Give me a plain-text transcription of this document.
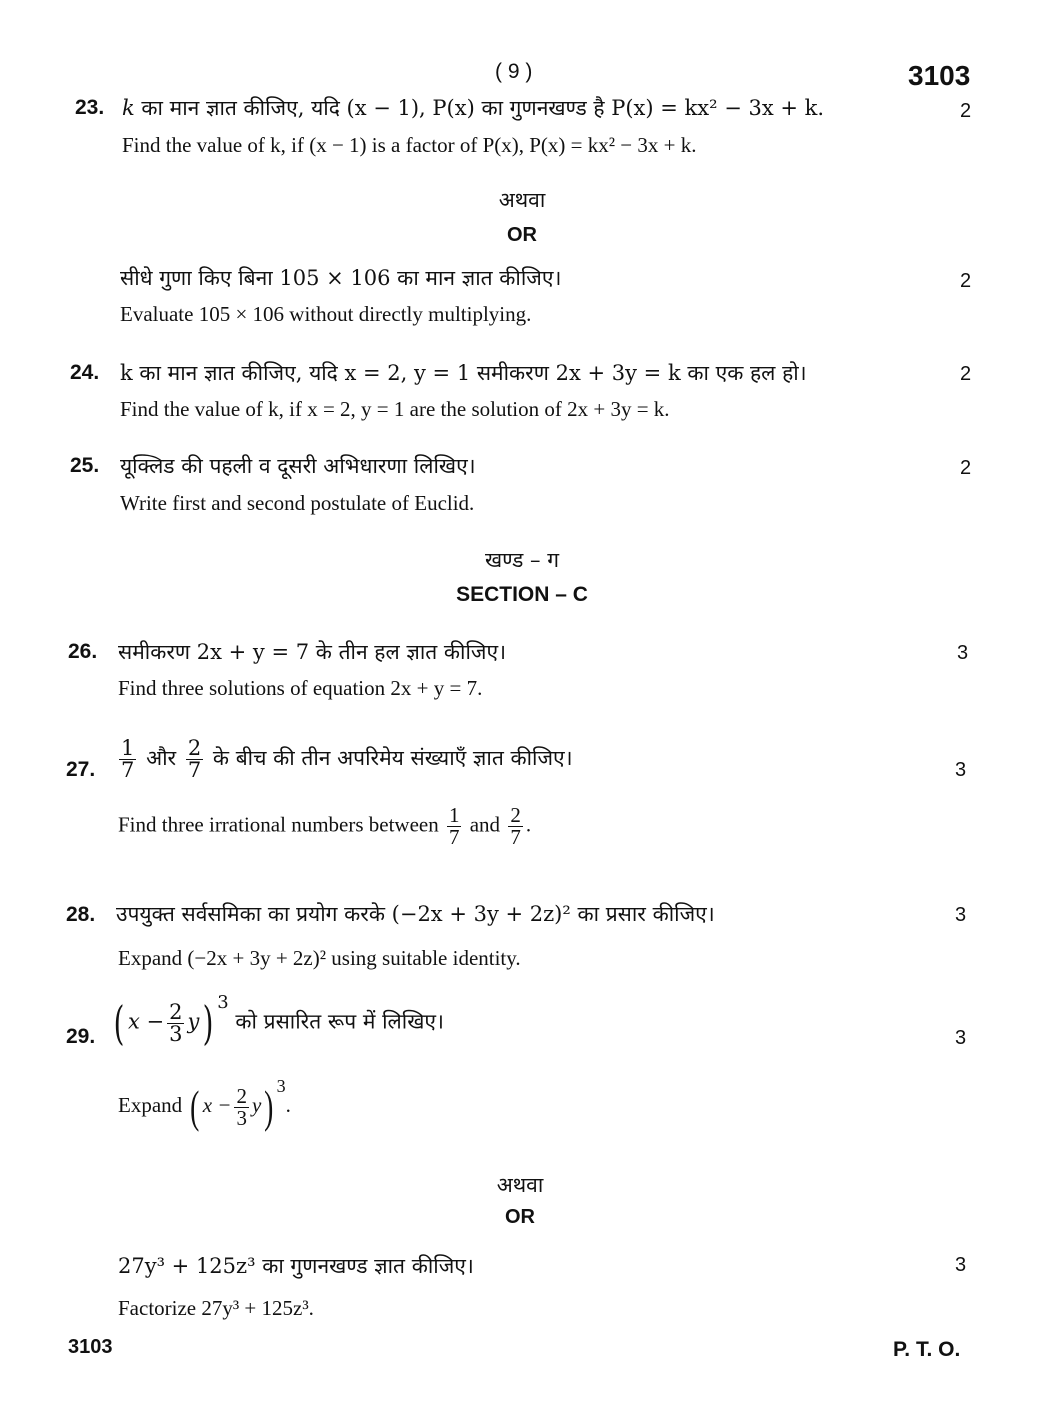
( 9 )	3103
23. k का मान ज्ञात कीजिए, यदि (x − 1), P(x) का गुणनखण्ड है P(x) = kx² − 3x + k.	2
Find the value of k, if (x − 1) is a factor of P(x), P(x) = kx² − 3x + k.
अथवा
OR
सीधे गुणा किए बिना 105 × 106 का मान ज्ञात कीजिए।	2
Evaluate 105 × 106 without directly multiplying.
24. k का मान ज्ञात कीजिए, यदि x = 2, y = 1 समीकरण 2x + 3y = k का एक हल हो।	2
Find the value of k, if x = 2, y = 1 are the solution of 2x + 3y = k.
25. यूक्लिड की पहली व दूसरी अभिधारणा लिखिए।	2
Write first and second postulate of Euclid.
खण्ड – ग
SECTION – C
26. समीकरण 2x + y = 7 के तीन हल ज्ञात कीजिए।	3
Find three solutions of equation 2x + y = 7.
27. $\frac{1}{7}$ और $\frac{2}{7}$ के बीच की तीन अपरिमेय संख्याएँ ज्ञात कीजिए।	3
Find three irrational numbers between $\frac{1}{7}$ and $\frac{2}{7}$ .
28. उपयुक्त सर्वसमिका का प्रयोग करके (−2x + 3y + 2z)² का प्रसार कीजिए।	3
Expand (−2x + 3y + 2z)² using suitable identity.
29. ( $x - \frac{2}{3} y$) 3 को प्रसारित रूप में लिखिए।
3
Expand ( $x - \frac{2}{3} y$) 3.
अथवा
OR
27y³ + 125z³ का गुणनखण्ड ज्ञात कीजिए।	3
Factorize 27y³ + 125z³.
3103	P. T. O.
